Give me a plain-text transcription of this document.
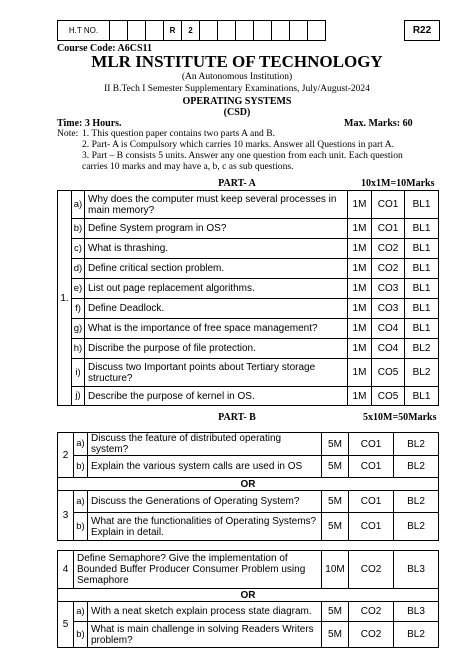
H.T NO.				R	2								R22
Course Code: A6CS11
MLR INSTITUTE OF TECHNOLOGY
(An Autonomous Institution)
II B.Tech I Semester Supplementary Examinations, July/August-2024
OPERATING SYSTEMS
(CSD)
Time: 3 Hours.	Max. Marks: 60
Note: 1. This question paper contains two parts A and B.
2. Part- A is Compulsory which carries 10 marks. Answer all Questions in part A.
3. Part – B consists 5 units. Answer any one question from each unit. Each question
carries 10 marks and may have a, b, c as sub questions.
PART- A	10x1M=10Marks
1.	a)	Why does the computer must keep several processes in main memory?	1M	CO1	BL1
	b)	Define System program in OS?	1M	CO1	BL1
	c)	What is thrashing.	1M	CO2	BL1
	d)	Define critical section problem.	1M	CO2	BL1
	e)	List out page replacement algorithms.	1M	CO3	BL1
	f)	Define Deadlock.	1M	CO3	BL1
	g)	What is the importance of free space management?	1M	CO4	BL1
	h)	Discribe the purpose of file protection.	1M	CO4	BL2
	i)	Discuss two Important points about Tertiary storage structure?	1M	CO5	BL2
	j)	Describe the purpose of kernel in OS.	1M	CO5	BL1
PART- B	5x10M=50Marks
2	a)	Discuss the feature of distributed operating system?	5M	CO1	BL2
	b)	Explain the various system calls are used in OS	5M	CO1	BL2
OR					
3	a)	Discuss the Generations of Operating System?	5M	CO1	BL2
	b)	What are the functionalities of Operating Systems? Explain in detail.	5M	CO1	BL2

4	Define Semaphore? Give the implementation of Bounded Buffer Producer Consumer Problem using Semaphore		10M	CO2	BL3
OR					
5	a)	With a neat sketch explain process state diagram.	5M	CO2	BL3
	b)	What is main challenge in solving Readers Writers problem?	5M	CO2	BL2
